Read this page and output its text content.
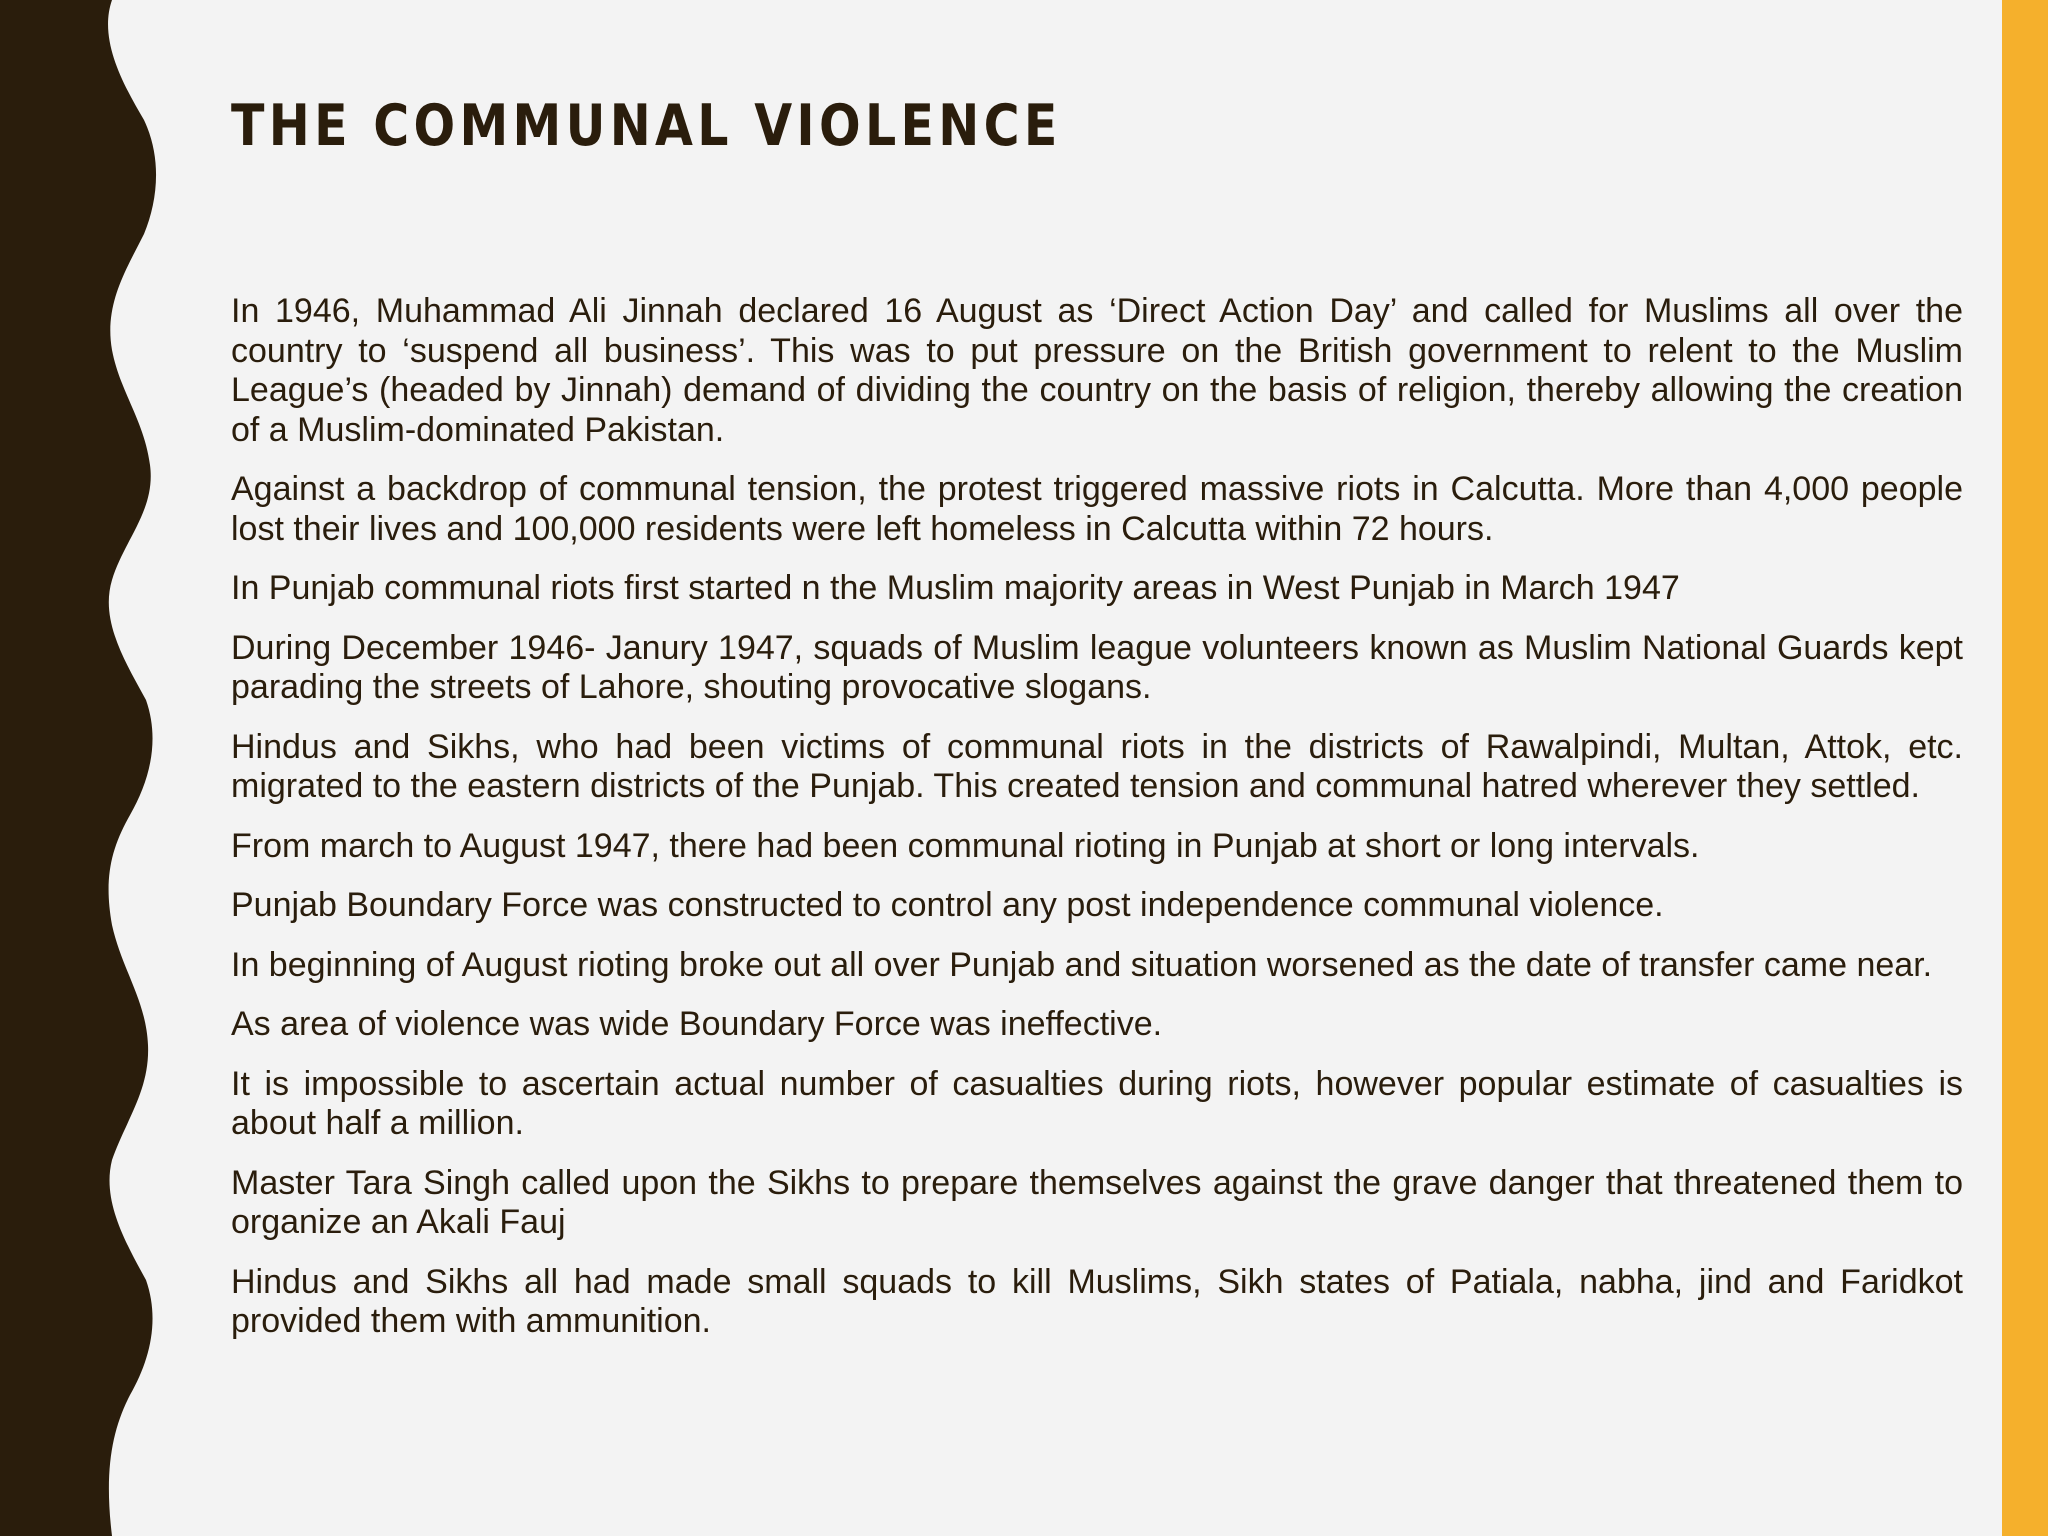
THE COMMUNAL VIOLENCE

In 1946, Muhammad Ali Jinnah declared 16 August as ‘Direct Action Day’ and called for Muslims all over the country to ‘suspend all business’. This was to put pressure on the British government to relent to the Muslim League’s (headed by Jinnah) demand of dividing the country on the basis of religion, thereby allowing the creation of a Muslim-dominated Pakistan.

Against a backdrop of communal tension, the protest triggered massive riots in Calcutta. More than 4,000 people lost their lives and 100,000 residents were left homeless in Calcutta within 72 hours.

In Punjab communal riots first started n the Muslim majority areas in West Punjab in March 1947

During December 1946- Janury 1947, squads of Muslim league volunteers known as Muslim National Guards kept parading the streets of Lahore, shouting provocative slogans.

Hindus and Sikhs, who had been victims of communal riots in the districts of Rawalpindi, Multan, Attok, etc. migrated to the eastern districts of the Punjab. This created tension and communal hatred wherever they settled.

From march to August 1947, there had been communal rioting in Punjab at short or long intervals.

Punjab Boundary Force was constructed to control any post independence communal violence.

In beginning of August rioting broke out all over Punjab and situation worsened as the date of transfer came near.

As area of violence was wide Boundary Force was ineffective.

It is impossible to ascertain actual number of casualties during riots, however popular estimate of casualties is about half a million.

Master Tara Singh called upon the Sikhs to prepare themselves against the grave danger that threatened them to organize an Akali Fauj

Hindus and Sikhs all had made small squads to kill Muslims, Sikh states of Patiala, nabha, jind and Faridkot provided them with ammunition.
